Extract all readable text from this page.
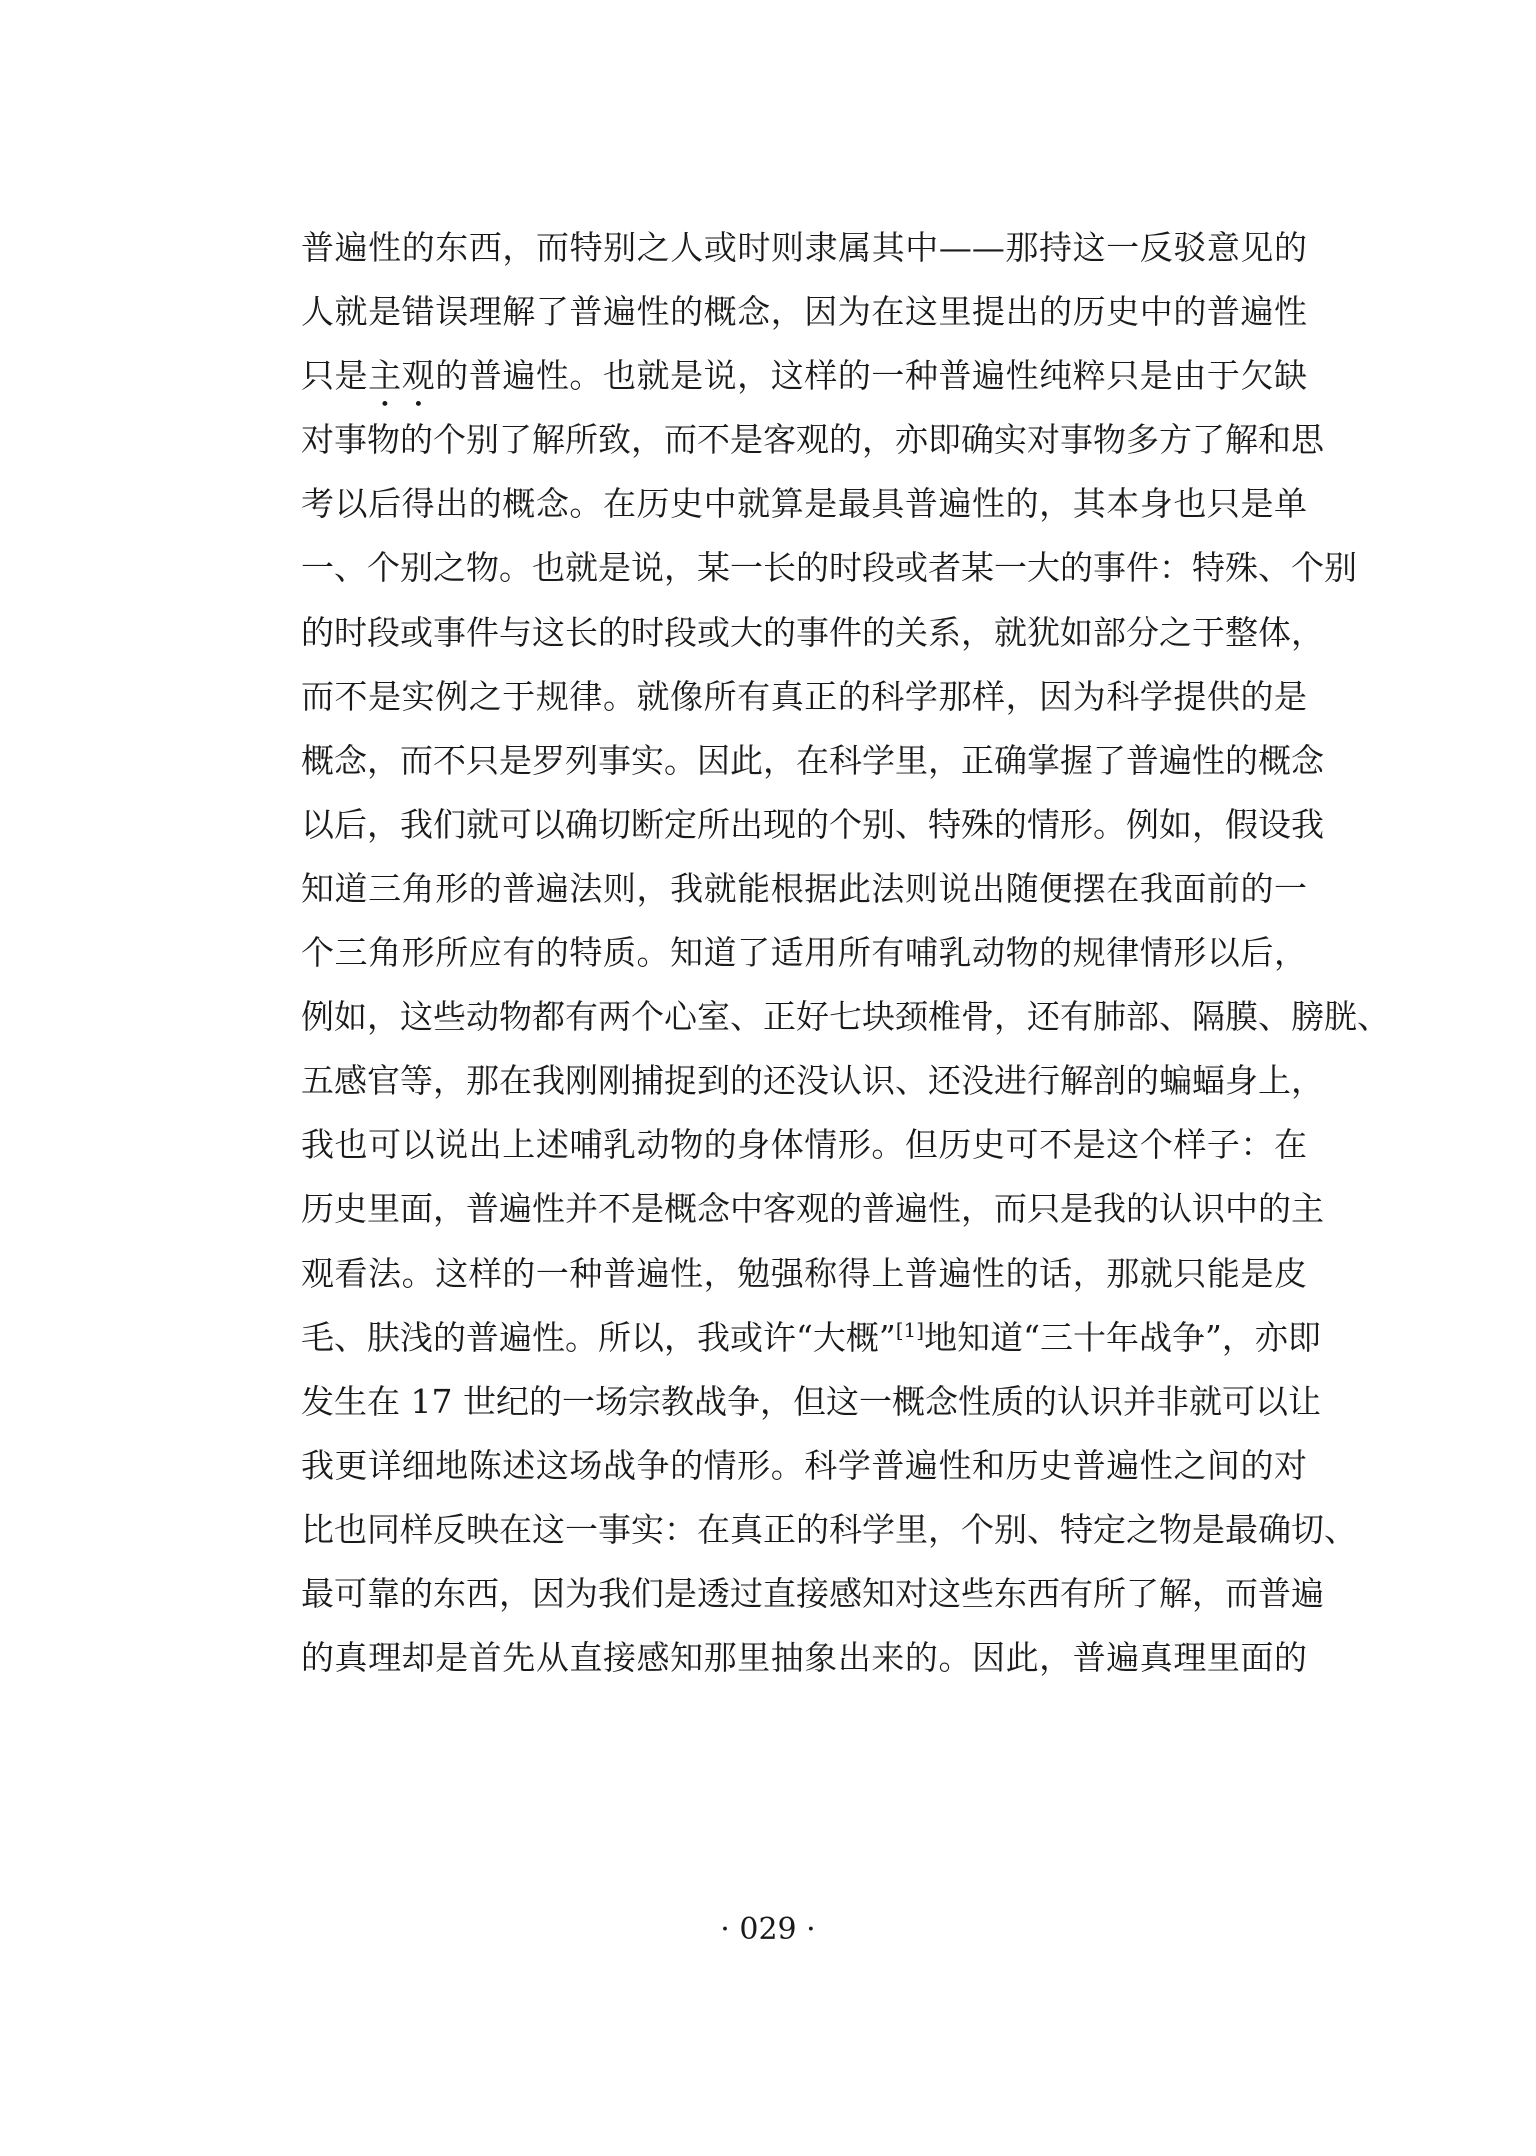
普遍性的东西，而特别之人或时则隶属其中——那持这一反驳意见的
人就是错误理解了普遍性的概念，因为在这里提出的历史中的普遍性
只是主观的普遍性。也就是说，这样的一种普遍性纯粹只是由于欠缺
对事物的个别了解所致，而不是客观的，亦即确实对事物多方了解和思
考以后得出的概念。在历史中就算是最具普遍性的，其本身也只是单
一、个别之物。也就是说，某一长的时段或者某一大的事件：特殊、个别
的时段或事件与这长的时段或大的事件的关系，就犹如部分之于整体，
而不是实例之于规律。就像所有真正的科学那样，因为科学提供的是
概念，而不只是罗列事实。因此，在科学里，正确掌握了普遍性的概念
以后，我们就可以确切断定所出现的个别、特殊的情形。例如，假设我
知道三角形的普遍法则，我就能根据此法则说出随便摆在我面前的一
个三角形所应有的特质。知道了适用所有哺乳动物的规律情形以后，
例如，这些动物都有两个心室、正好七块颈椎骨，还有肺部、隔膜、膀胱、
五感官等，那在我刚刚捕捉到的还没认识、还没进行解剖的蝙蝠身上，
我也可以说出上述哺乳动物的身体情形。但历史可不是这个样子：在
历史里面，普遍性并不是概念中客观的普遍性，而只是我的认识中的主
观看法。这样的一种普遍性，勉强称得上普遍性的话，那就只能是皮
毛、肤浅的普遍性。所以，我或许“大概”[1]地知道“三十年战争”，亦即
发生在 17 世纪的一场宗教战争，但这一概念性质的认识并非就可以让
我更详细地陈述这场战争的情形。科学普遍性和历史普遍性之间的对
比也同样反映在这一事实：在真正的科学里，个别、特定之物是最确切、
最可靠的东西，因为我们是透过直接感知对这些东西有所了解，而普遍
的真理却是首先从直接感知那里抽象出来的。因此，普遍真理里面的
· 029 ·
